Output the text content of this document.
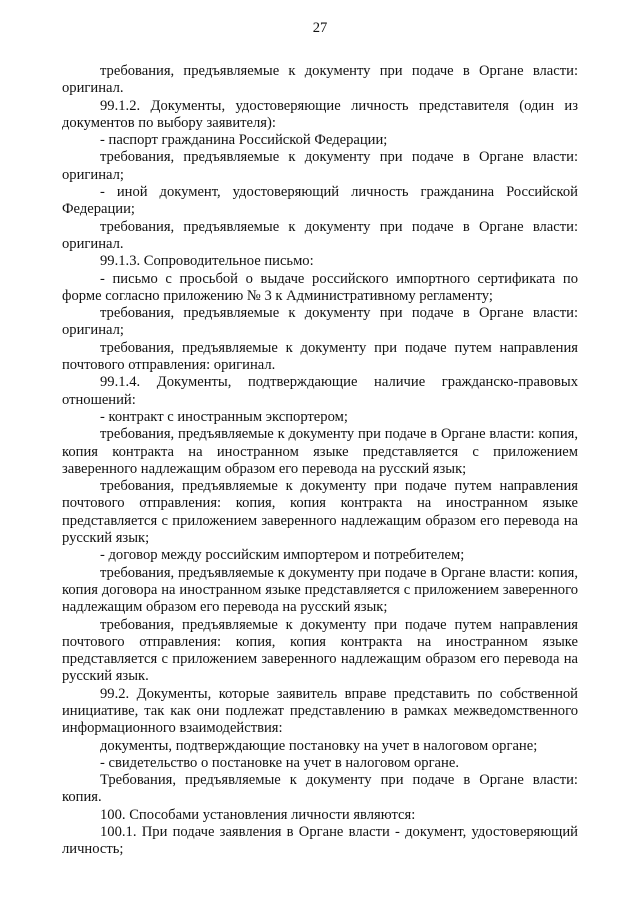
27

требования, предъявляемые к документу при подаче в Органе власти: оригинал.

99.1.2. Документы, удостоверяющие личность представителя (один из документов по выбору заявителя):

- паспорт гражданина Российской Федерации;

требования, предъявляемые к документу при подаче в Органе власти: оригинал;

- иной документ, удостоверяющий личность гражданина Российской Федерации;

требования, предъявляемые к документу при подаче в Органе власти: оригинал.

99.1.3. Сопроводительное письмо:

- письмо с просьбой о выдаче российского импортного сертификата по форме согласно приложению № 3 к Административному регламенту;

требования, предъявляемые к документу при подаче в Органе власти: оригинал;

требования, предъявляемые к документу при подаче путем направления почтового отправления: оригинал.

99.1.4. Документы, подтверждающие наличие гражданско-правовых отношений:

- контракт с иностранным экспортером;

требования, предъявляемые к документу при подаче в Органе власти: копия, копия контракта на иностранном языке представляется с приложением заверенного надлежащим образом его перевода на русский язык;

требования, предъявляемые к документу при подаче путем направления почтового отправления: копия, копия контракта на иностранном языке представляется с приложением заверенного надлежащим образом его перевода на русский язык;

- договор между российским импортером и потребителем;

требования, предъявляемые к документу при подаче в Органе власти: копия, копия договора на иностранном языке представляется с приложением заверенного надлежащим образом его перевода на русский язык;

требования, предъявляемые к документу при подаче путем направления почтового отправления: копия, копия контракта на иностранном языке представляется с приложением заверенного надлежащим образом его перевода на русский язык.

99.2. Документы, которые заявитель вправе представить по собственной инициативе, так как они подлежат представлению в рамках межведомственного информационного взаимодействия:

документы, подтверждающие постановку на учет в налоговом органе;

- свидетельство о постановке на учет в налоговом органе.

Требования, предъявляемые к документу при подаче в Органе власти: копия.

100. Способами установления личности являются:

100.1. При подаче заявления в Органе власти - документ, удостоверяющий личность;
